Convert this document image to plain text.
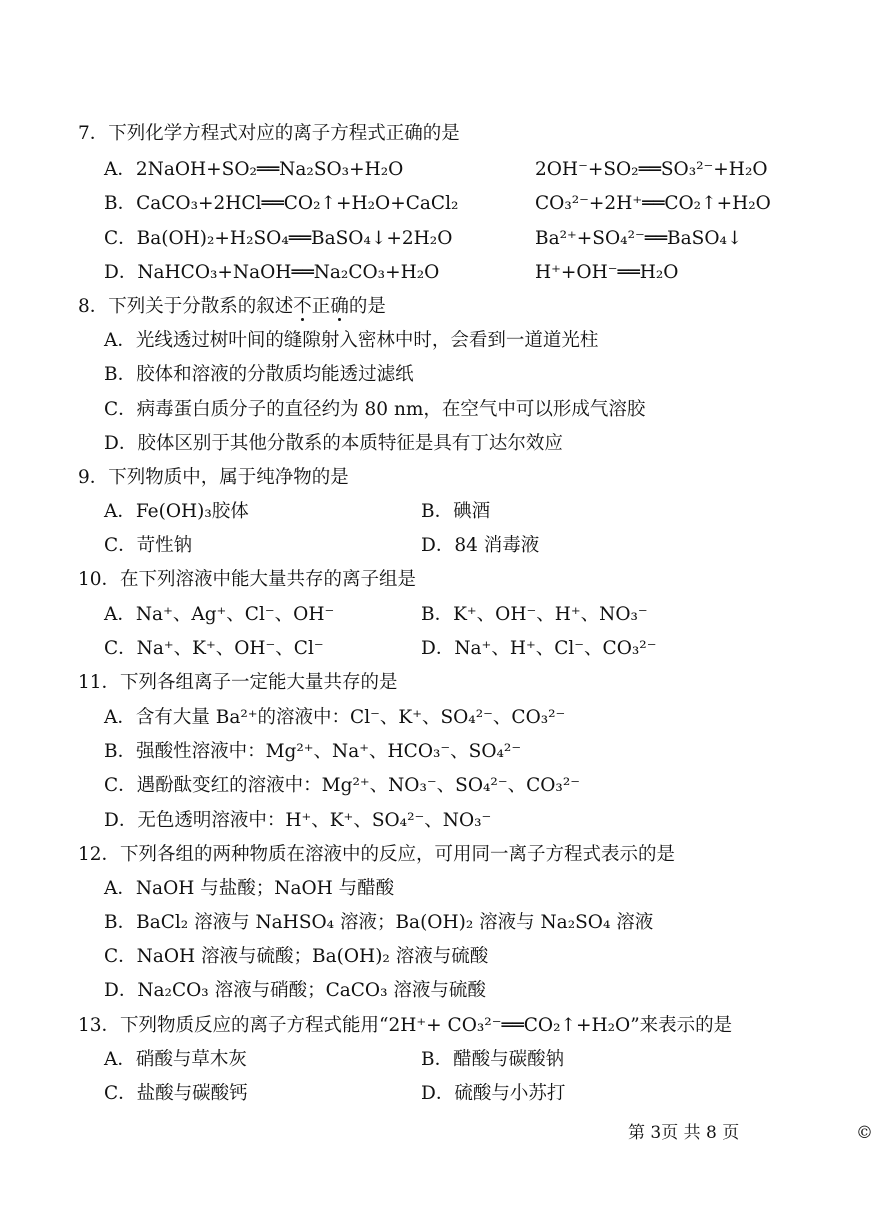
7．下列化学方程式对应的离子方程式正确的是
A．2NaOH+SO₂══Na₂SO₃+H₂O	2OH⁻+SO₂══SO₃²⁻+H₂O
B．CaCO₃+2HCl══CO₂↑+H₂O+CaCl₂	CO₃²⁻+2H⁺══CO₂↑+H₂O
C．Ba(OH)₂+H₂SO₄══BaSO₄↓+2H₂O	Ba²⁺+SO₄²⁻══BaSO₄↓
D．NaHCO₃+NaOH══Na₂CO₃+H₂O	H⁺+OH⁻══H₂O
8．下列关于分散系的叙述不正确的是
A．光线透过树叶间的缝隙射入密林中时，会看到一道道光柱
B．胶体和溶液的分散质均能透过滤纸
C．病毒蛋白质分子的直径约为 80 nm，在空气中可以形成气溶胶
D．胶体区别于其他分散系的本质特征是具有丁达尔效应
9．下列物质中，属于纯净物的是
A．Fe(OH)₃胶体	B．碘酒
C．苛性钠	D．84 消毒液
10．在下列溶液中能大量共存的离子组是
A．Na⁺、Ag⁺、Cl⁻、OH⁻	B．K⁺、OH⁻、H⁺、NO₃⁻
C．Na⁺、K⁺、OH⁻、Cl⁻	D．Na⁺、H⁺、Cl⁻、CO₃²⁻
11．下列各组离子一定能大量共存的是
A．含有大量 Ba²⁺的溶液中：Cl⁻、K⁺、SO₄²⁻、CO₃²⁻
B．强酸性溶液中：Mg²⁺、Na⁺、HCO₃⁻、SO₄²⁻
C．遇酚酞变红的溶液中：Mg²⁺、NO₃⁻、SO₄²⁻、CO₃²⁻
D．无色透明溶液中：H⁺、K⁺、SO₄²⁻、NO₃⁻
12．下列各组的两种物质在溶液中的反应，可用同一离子方程式表示的是
A．NaOH 与盐酸；NaOH 与醋酸
B．BaCl₂ 溶液与 NaHSO₄ 溶液；Ba(OH)₂ 溶液与 Na₂SO₄ 溶液
C．NaOH 溶液与硫酸；Ba(OH)₂ 溶液与硫酸
D．Na₂CO₃ 溶液与硝酸；CaCO₃ 溶液与硫酸
13．下列物质反应的离子方程式能用“2H⁺+ CO₃²⁻══CO₂↑+H₂O”来表示的是
A．硝酸与草木灰	B．醋酸与碳酸钠
C．盐酸与碳酸钙	D．硫酸与小苏打
第 3页 共 8 页	©
